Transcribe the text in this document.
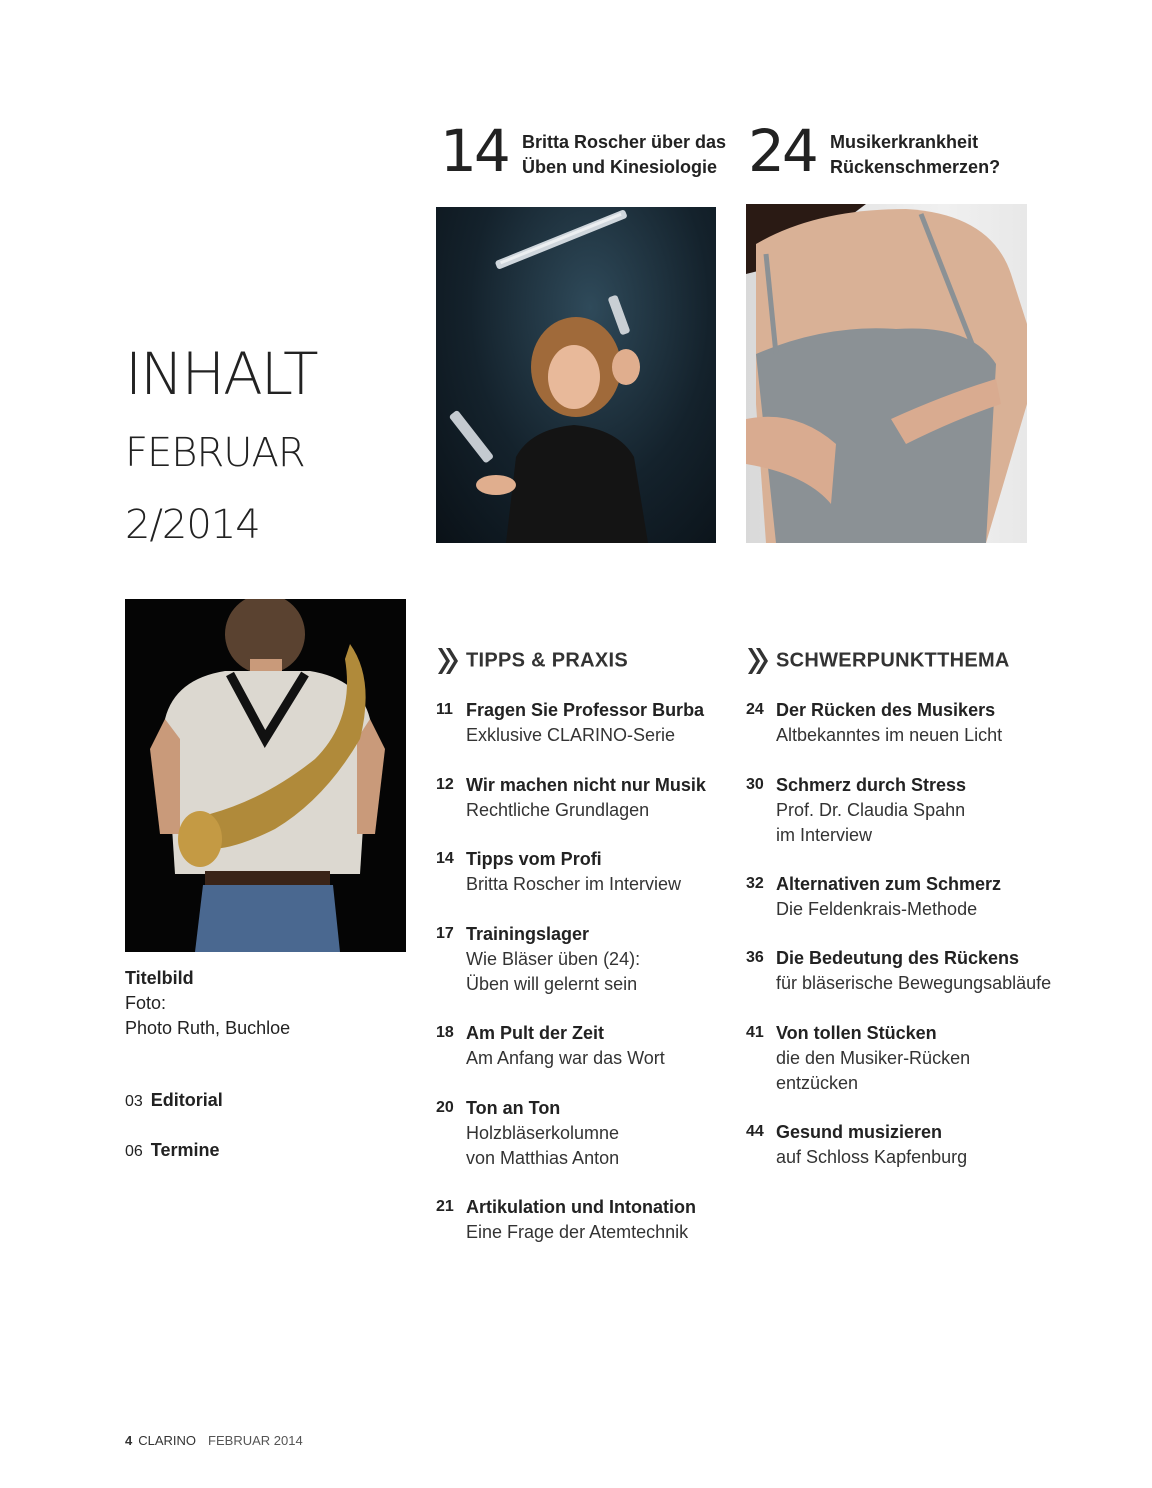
INHALT
FEBRUAR
2/2014
14 Britta Roscher über das
Üben und Kinesiologie 24 Musikerkrankheit
Rückenschmerzen?
Titelbild
Foto:
Photo Ruth, Buchloe
03 Editorial
06 Termine
TIPPS & PRAXIS	SCHWERPUNKTTHEMA
11 Fragen Sie Professor Burba
Exklusive CLARINO-Serie
12 Wir machen nicht nur Musik
Rechtliche Grundlagen
14 Tipps vom Profi
Britta Roscher im Interview
17 Trainingslager
Wie Bläser üben (24):
Üben will gelernt sein
18 Am Pult der Zeit
Am Anfang war das Wort
20 Ton an Ton
Holzbläserkolumne
von Matthias Anton
21 Artikulation und Intonation
Eine Frage der Atemtechnik
24 Der Rücken des Musikers
Altbekanntes im neuen Licht
30 Schmerz durch Stress
Prof. Dr. Claudia Spahn
im Interview
32 Alternativen zum Schmerz
Die Feldenkrais-Methode
36 Die Bedeutung des Rückens
für bläserische Bewegungsabläufe
41 Von tollen Stücken
die den Musiker-Rücken
entzücken
44 Gesund musizieren
auf Schloss Kapfenburg
4 CLARINO FEBRUAR 2014
